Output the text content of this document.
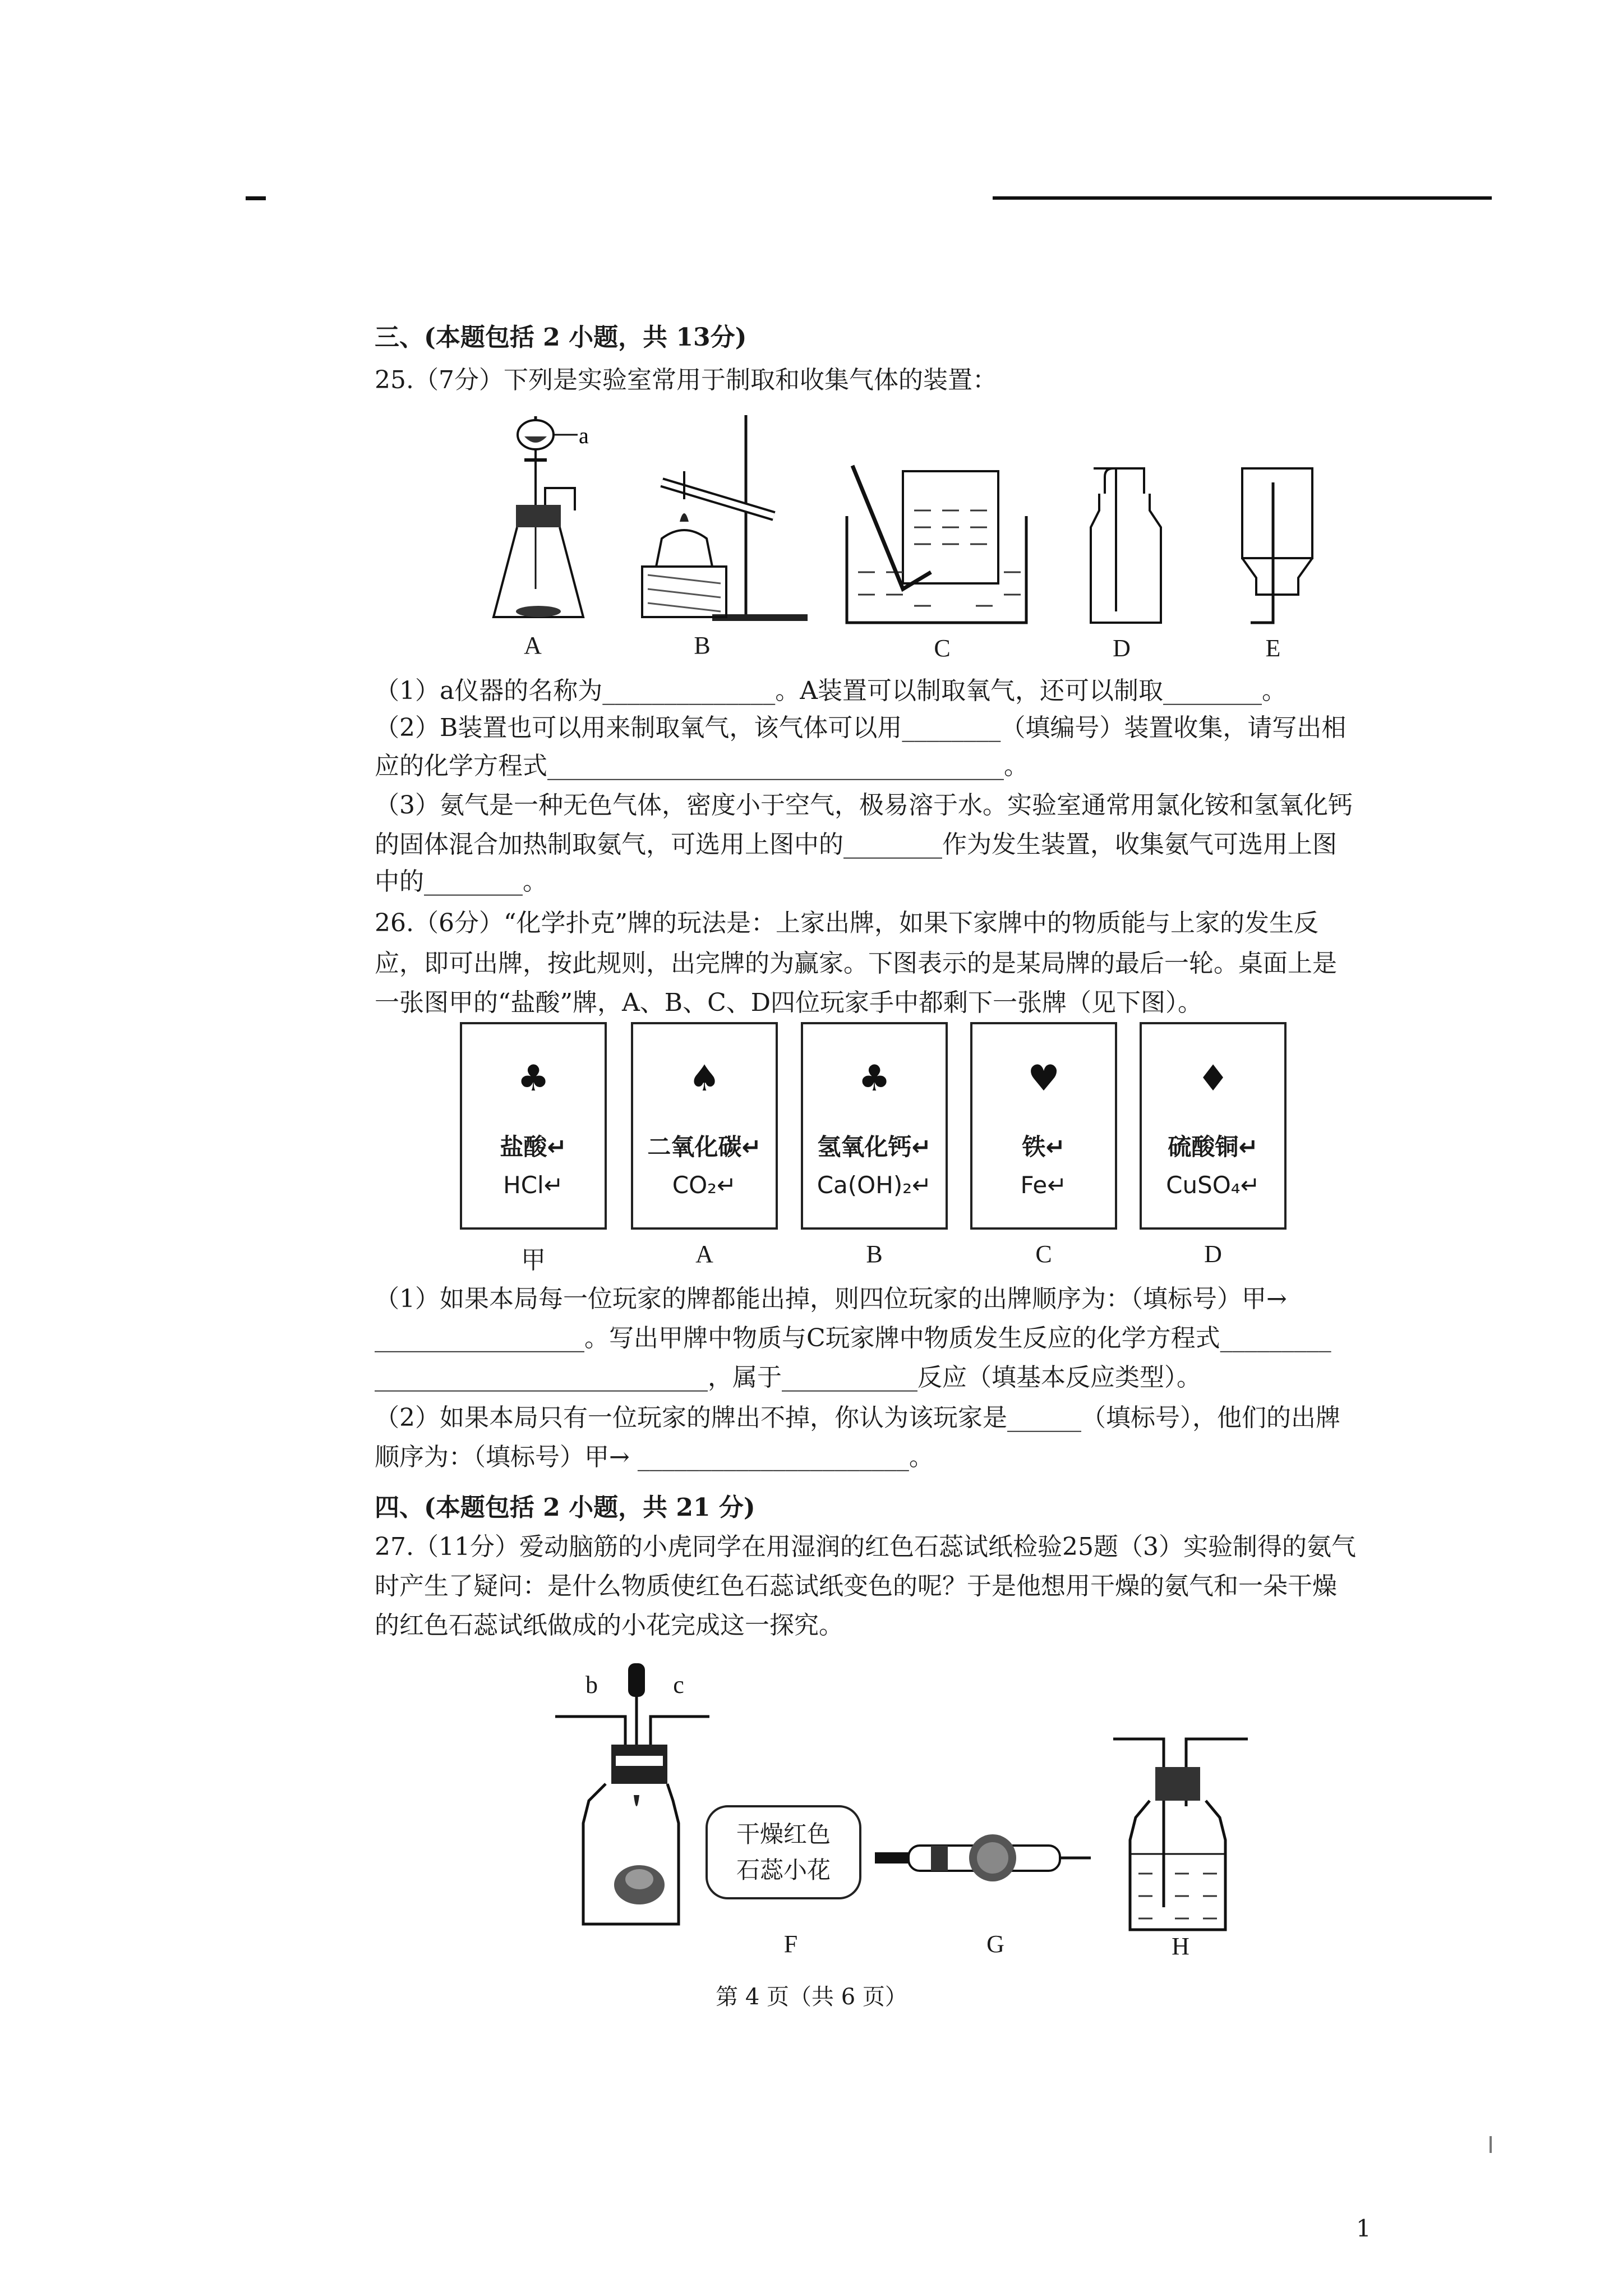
三、(本题包括 2 小题，共 13分)
25.（7分）下列是实验室常用于制取和收集气体的装置：
a
A	B	C	D	E
（1）a仪器的名称为______________。A装置可以制取氧气，还可以制取________。
（2）B装置也可以用来制取氧气，该气体可以用________（填编号）装置收集，请写出相
应的化学方程式_____________________________________。
（3）氨气是一种无色气体，密度小于空气，极易溶于水。实验室通常用氯化铵和氢氧化钙
的固体混合加热制取氨气，可选用上图中的________作为发生装置，收集氨气可选用上图
中的________。
26.（6分）“化学扑克”牌的玩法是：上家出牌，如果下家牌中的物质能与上家的发生反
应，即可出牌，按此规则，出完牌的为赢家。下图表示的是某局牌的最后一轮。桌面上是
一张图甲的“盐酸”牌，A、B、C、D四位玩家手中都剩下一张牌（见下图）。
♣
盐酸↵
HCl↵
♠
二氧化碳↵
CO₂↵
♣
氢氧化钙↵
Ca(OH)₂↵
♥
铁↵
Fe↵
♦
硫酸铜↵
CuSO₄↵
甲	A	B	C	D
（1）如果本局每一位玩家的牌都能出掉，则四位玩家的出牌顺序为：（填标号）甲→
_________________。写出甲牌中物质与C玩家牌中物质发生反应的化学方程式_________
___________________________，属于___________反应（填基本反应类型）。
（2）如果本局只有一位玩家的牌出不掉，你认为该玩家是______（填标号），他们的出牌
顺序为：（填标号）甲→ ______________________。
四、(本题包括 2 小题，共 21 分)
27.（11分）爱动脑筋的小虎同学在用湿润的红色石蕊试纸检验25题（3）实验制得的氨气
时产生了疑问：是什么物质使红色石蕊试纸变色的呢？于是他想用干燥的氨气和一朵干燥
的红色石蕊试纸做成的小花完成这一探究。
b	c
干燥红色
石蕊小花
F	G	H
第 4 页（共 6 页）
1
